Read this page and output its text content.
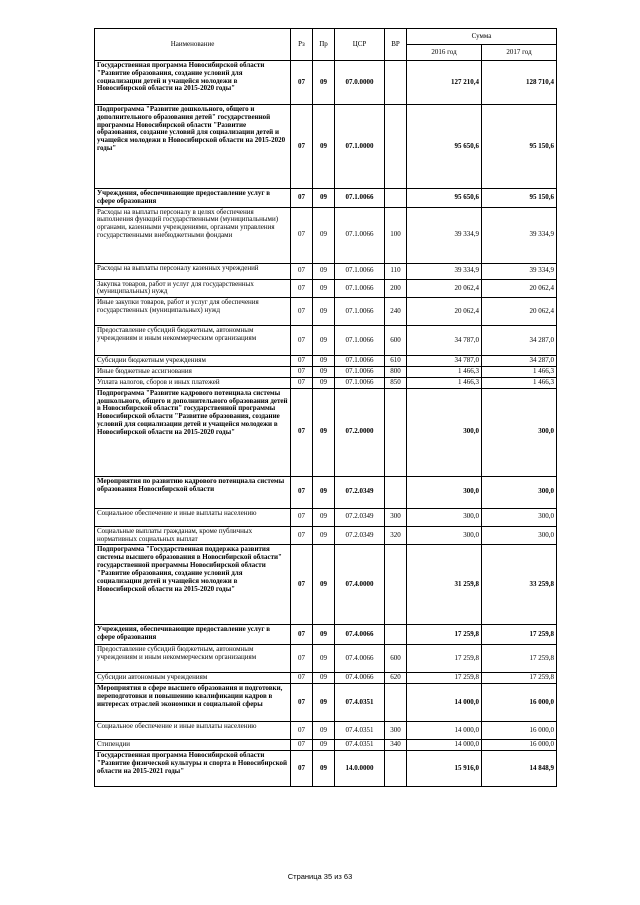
Наименование	Рз	Пр	ЦСР	ВР	Сумма	
					2016 год	2017 год
Государственная программа Новосибирской области "Развитие образования, создание условий для социализации детей и учащейся молодежи в Новосибирской области на 2015-2020 годы"	07	09	07.0.0000		127 210,4	128 710,4
Подпрограмма "Развитие дошкольного, общего и дополнительного образования детей" государственной программы Новосибирской области "Развитие образования, создание условий для социализации детей и учащейся молодежи в Новосибирской области на 2015-2020 годы"	07	09	07.1.0000		95 650,6	95 150,6
Учреждения, обеспечивающие предоставление услуг в сфере образования	07	09	07.1.0066		95 650,6	95 150,6
Расходы на выплаты персоналу в целях обеспечения выполнения функций государственными (муниципальными) органами, казенными учреждениями, органами управления государственными внебюджетными фондами	07	09	07.1.0066	100	39 334,9	39 334,9
Расходы на выплаты персоналу казенных учреждений	07	09	07.1.0066	110	39 334,9	39 334,9
Закупка товаров, работ и услуг для государственных (муниципальных) нужд	07	09	07.1.0066	200	20 062,4	20 062,4
Иные закупки товаров, работ и услуг для обеспечения государственных (муниципальных) нужд	07	09	07.1.0066	240	20 062,4	20 062,4
Предоставление субсидий бюджетным, автономным учреждениям и иным некоммерческим организациям	07	09	07.1.0066	600	34 787,0	34 287,0
Субсидии бюджетным учреждениям	07	09	07.1.0066	610	34 787,0	34 287,0
Иные бюджетные ассигнования	07	09	07.1.0066	800	1 466,3	1 466,3
Уплата налогов, сборов и иных платежей	07	09	07.1.0066	850	1 466,3	1 466,3
Подпрограмма "Развитие кадрового потенциала системы дошкольного, общего и дополнительного образования детей в Новосибирской области" государственной программы Новосибирской области "Развитие образования, создание условий для социализации детей и учащейся молодежи в Новосибирской области на 2015-2020 годы"	07	09	07.2.0000		300,0	300,0
Мероприятия по развитию кадрового потенциала системы образования Новосибирской области	07	09	07.2.0349		300,0	300,0
Социальное обеспечение и иные выплаты населению	07	09	07.2.0349	300	300,0	300,0
Социальные выплаты гражданам, кроме публичных нормативных социальных выплат	07	09	07.2.0349	320	300,0	300,0
Подпрограмма "Государственная поддержка развития системы высшего образования в Новосибирской области" государственной программы Новосибирской области "Развитие образования, создание условий для социализации детей и учащейся молодежи в Новосибирской области на 2015-2020 годы"	07	09	07.4.0000		31 259,8	33 259,8
Учреждения, обеспечивающие предоставление услуг в сфере образования	07	09	07.4.0066		17 259,8	17 259,8
Предоставление субсидий бюджетным, автономным учреждениям и иным некоммерческим организациям	07	09	07.4.0066	600	17 259,8	17 259,8
Субсидии автономным учреждениям	07	09	07.4.0066	620	17 259,8	17 259,8
Мероприятия в сфере высшего образования и подготовки, переподготовки и повышению квалификации кадров в интересах отраслей экономики и социальной сферы	07	09	07.4.0351		14 000,0	16 000,0
Социальное обеспечение и иные выплаты населению	07	09	07.4.0351	300	14 000,0	16 000,0
Стипендии	07	09	07.4.0351	340	14 000,0	16 000,0
Государственная программа Новосибирской области "Развитие физической культуры и спорта в Новосибирской области на 2015-2021 годы"	07	09	14.0.0000		15 916,0	14 848,9
Страница 35 из 63
